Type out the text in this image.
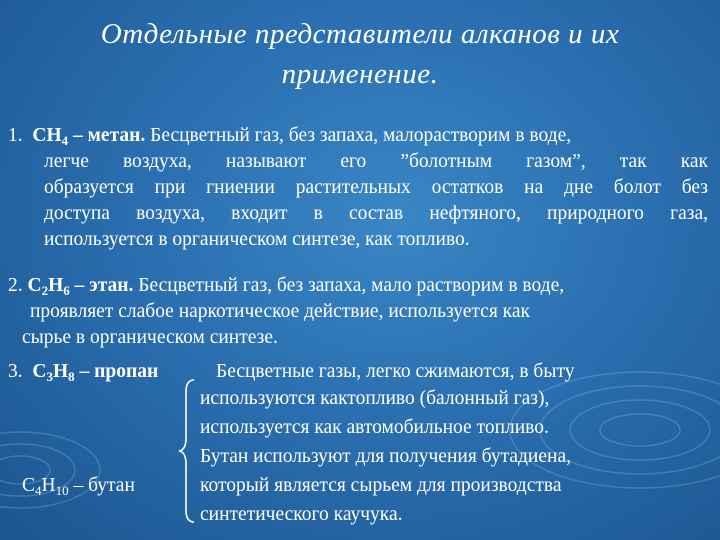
Отдельные представители алканов и их
применение.
1. $CH_4$ – метан. Бесцветный газ, без запаха, малорастворим в воде,
легче воздуха, называют его ”болотным газом”, так как
образуется при гниении растительных остатков на дне болот без
доступа воздуха, входит в состав нефтяного, природного газа,
используется в органическом синтезе, как топливо.
2. $C_2H_6$ – этан. Бесцветный газ, без запаха, мало растворим в воде,
проявляет слабое наркотическое действие, используется как
сырье в органическом синтезе.
3. $C_3H_8$ – пропан	Бесцветные газы, легко сжимаются, в быту
используются кактопливо (балонный газ),
используется как автомобильное топливо.
Бутан используют для получения бутадиена,
который является сырьем для производства
синтетического каучука.
$C_4H_{10}$ – бутан
